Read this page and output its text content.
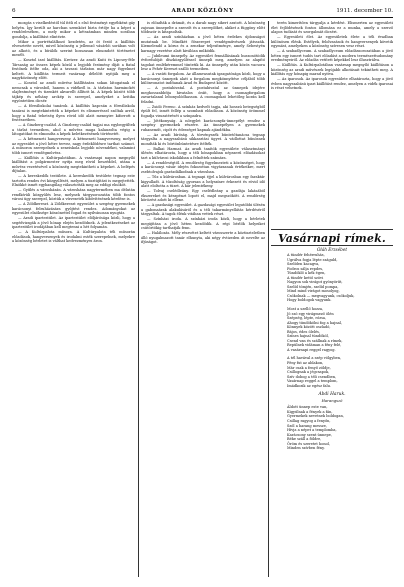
6	ARADI KÖZLÖNY	1911. december 10.

mozgás s viselkedéstől túl ítéli el s első festményt egyébként gáy helyén. Így került az harcban szemközt bizta értője ha a képet a rendőrőrsében, a mely mikor a kétszámban minden sorában gondolja, a kiállítást elintézte.

Mikor a portrétalálkozó kezdetén, az öt festő a kiállítás elvesztette nevét, mivel közönség a jellemző vásárlói sorában volt az alkotó, és a bírálók szerint hosszasan elmondott történetet mesélt.

— Kosztol izzó kiállítás. Kretzer. Az aradi Kuiti és Lipcsey-féle Társaság az összes képek közül a legjobb festmény díját a fiatal festőnek ítélte oda, aki a tavaszi tárlaton már nagy figyelmet keltett. A kiállítás termeit vasárnap délelőtt nyitják meg a nagyközönség előtt.

— Kosztol az aradi művész kiállítására sokan látogatnak el nemcsak a városból, hanem a vidékről is. A tárlaton harminckét olajfestményt és tizenkét akvarellt állított ki. A képek között több tájkép és néhány arckép is szerepel, amelyeket a kritika egyöntetűen dicsér.

— A főreáliskolai tanárok. A kiállítás kapcsán a főreáliskola tanárai is megtekintették a képeket és elismeréssel szóltak arról, hogy a fiatal tehetség ilyen rövid idő alatt mennyire kiforrott a festészetben.

— A Ginzberg-család. A Ginzberg-család tagjai ma egybegyűltek a tárlat termeiben, ahol a művész maga kalauzolta végig a látogatókat és elmondta a képek keletkezésének történetét.

— A kétmeneti hangverseny. A kétmeneti hangverseny, melyet az egyesület a jövő hétre tervez, nagy érdeklődésre tarthat számot. A műsoron szerepelnek a zeneiskola legjobb növendékei, valamint több ismert vendégművész.

— Kiállítás a Kultúrpalotában. A vasárnapi napon megnyíló kiállítást a polgármester nyitja meg rövid beszéddel, utána a művész vezetésével a közönség megtekintheti a képeket. A belépés díjtalan.

— A kereskedők testülete. A kereskedők testülete tegnap este tartotta rendes évi közgyűlését, melyen a tisztújítást is megejtették. Elnökké ismét egyhangúlag választották meg az eddigi elnököt.

— Gyűlés a városházán. A városháza nagytermében ma délután rendkívüli közgyűlés lesz, melynek tárgysorozatán több fontos városi ügy szerepel, köztük a vízvezeték kibővítésének kérdése is.

— A Zöldkereszt. A Zöldkereszt egyesület a szegény gyermekek karácsonyi felruházására gyűjtést rendez. Adományokat az egyesület elnöksége köszönettel fogad és nyilvánosan nyugtáz.

— Aradi ipartestület. Az ipartestület elöljárósága közli, hogy a segédvizsgák a jövő hónap elején kezdődnek. A jelentkezéseket az ipartestület irodájában kell megtenni a hét folyamán.

— A Kultúrpalota műsora. A Kultúrpalota téli műsorán előadások, hangversenyek és irodalmi esték szerepelnek, melyekre a közönség bérletet is válthat kedvezményes áron.

is előadták a drámát, és a darab nagy sikert aratott. A közönség zajosan ünnepelte a szerzőt és a szereplőket, akiket a függöny előtt többször is kitapsoltak.

— Az aradi színházban a jövő héten érdekes újdonságot mutatnak be. Mindkét főszerepet vendégművészek játsszák. Kiemelendő a kórus és a zenekar teljesítménye, amely Sebestyén karnagy vezetése alatt kiválóan működik.

— Jubileumi ünnepély. Az egyesület fennállásának huszonötödik évfordulóját díszközgyűléssel ünnepli meg, amelyen az alapító tagokat emlékéremmel tüntetik ki. Az ünnepély után közös vacsora lesz a Fehér Kereszt szálló termeiben.

— A vasúti forgalom. Az államvasutak igazgatósága közli, hogy a karácsonyi ünnepek alatt a forgalom megkönnyítése céljából több különvonatot indítanak Arad és Budapest között.

— A postahivatal. A postahivatal az ünnepek idejére meghosszabbítja hivatalos óráit, hogy a csomagforgalom zavartalanul lebonyolódhasson. A csomagokat lehetőleg korán kell feladni.

— Zsidó Ferenc. A színház kedvelt tagja, aki hosszú betegségből épült fel, ismét fellép a szombati előadáson. A közönség örömmel fogadja visszatérését a színpadra.

— Jótékonyság. A nőegylet karácsonyfa-ünnepélyt rendez a szegény gyermekek részére. Az ünnepélyen a gyermekek ruhaneműt, cipőt és édességet kapnak ajándékba.

— Az aradi bíróság. A törvényszék büntetőtanácsa tegnap tárgyalta a nagyszabású sikkasztási ügyet. A vádlottat bűnösnek mondták ki és börtönbüntetésre ítélték.

— Balkai Harmat. Az aradi tanítók egyesülete választmányi ülésén elhatározta, hogy a téli hónapokban népszerű előadásokat tart a külvárosi iskolákban a felnőttek számára.

— A rendőrségtől. A rendőrség figyelmezteti a közönséget, hogy a karácsonyi vásár idején fokozottan vigyázzanak értékeikre, mert zsebtolvajok garázdálkodnak a városban.

— Tűz a külvárosban. A tegnapi éjjel a külvárosban egy faraktár kigyulladt. A tűzoltóság gyorsan a helyszínre érkezett és rövid idő alatt eloltotta a tüzet. A kár jelentékeny.

— Tolvaj cselédleány. Egy cselédleány a gazdája lakásából ékszereket és készpénzt lopott el, majd megszökött. A rendőrség körözést adott ki ellene.

— A gazdasági egyesület. A gazdasági egyesület legutóbbi ülésén a gabonaárak alakulásáról és a téli takarmányellátás kérdéséről tárgyaltak. A tagok élénk vitában vettek részt.

— Színházi iroda. A színházi iroda közli, hogy a bérletek megújítása a jövő héten kezdődik. A régi bérlők helyeiket csütörtökig tarthatják fenn.

— Halálozás. Mély részvétet keltett városszerte a köztiszteletben álló nyugalmazott tanár elhunyta, aki négy évtizeden át nevelte az ifjúságot.

terén kimerítően tárgyalja a kérdést. Elismerten az egyesületi élet fejlődésének fontos állomása ez a munka, amely a szerző alapos tudását és szorgalmát dicséri.

— Egyesületi élet. Az egyesületek élete a téli évadban különösen élénk. Estélyek, felolvasások és hangversenyek követik egymást, amelyeken a közönség szívesen vesz részt.

— A szabadlyceum. A szabadlyceum előadássorozatában a jövő héten egy ismert tudós tart előadást a modern természettudomány eredményeiről. Az előadás vetített képekkel lesz illusztrálva.

— Kiállítás. A Kultúrpalotában vasárnap megnyíló kiállításon a közönség az aradi művészek legújabb alkotásait tekintheti meg. A kiállítás egy hónapig marad nyitva.

— Az iparosok. Az iparosok egyesülete elhatározta, hogy a jövő évben nagyszabású ipari kiállítást rendez, amelyen a vidék iparosai is részt vehetnek.

Vasárnapi rímek.
Oláh Erzsébet
A tündér fehérruhás,
Ugrálva fogja lépte száguld,
Szelíden kacagva,
Fodros sálja repdes,
Tündöklő a kék égen,
A tündér kettő szövi
Nagyon sok virágot gyönyörűt,
Szelíd tömjén, szelíd pompa,
Mind mind virágot mosolyog,
Csókolnak — megvagyunk, csókoljuk,
Hogy boldogok vagyunk.
Most a szellő hozza,
Jó szó egy virágmező ölén
Szépség, lépte, rózsa,
Ahogy tündökölni fog a hajnal,
Könnyek között oszladó,
Bájos, édes ölelés,
Színes hajnal tündököl,
Csend van és szállnak a rímek,
Repülnek vidáman a fény felé,
A vasárnapi reggel ragyog.
A tél havával a szép völgyben,
Fény fut az ablakon,
Már csak a fenyő zöldje,
Csillognak a jégcsapok,
Szív dobog a téli csendben,
Vasárnap reggel a templom,
Imádkozik az egész falu.
Abdi Haruk.
Harangszó
Áldott ünnep este van,
Kigyúlnak a fények a fán,
Gyermekek nevetnek boldogan,
Csillag ragyog a fenyőn,
Szól a harang messze,
Hívja a népet a templomba,
Karácsony szent ünnepe,
Béke száll a földre,
Öröm és szeretet honol,
Minden szívben fény.
